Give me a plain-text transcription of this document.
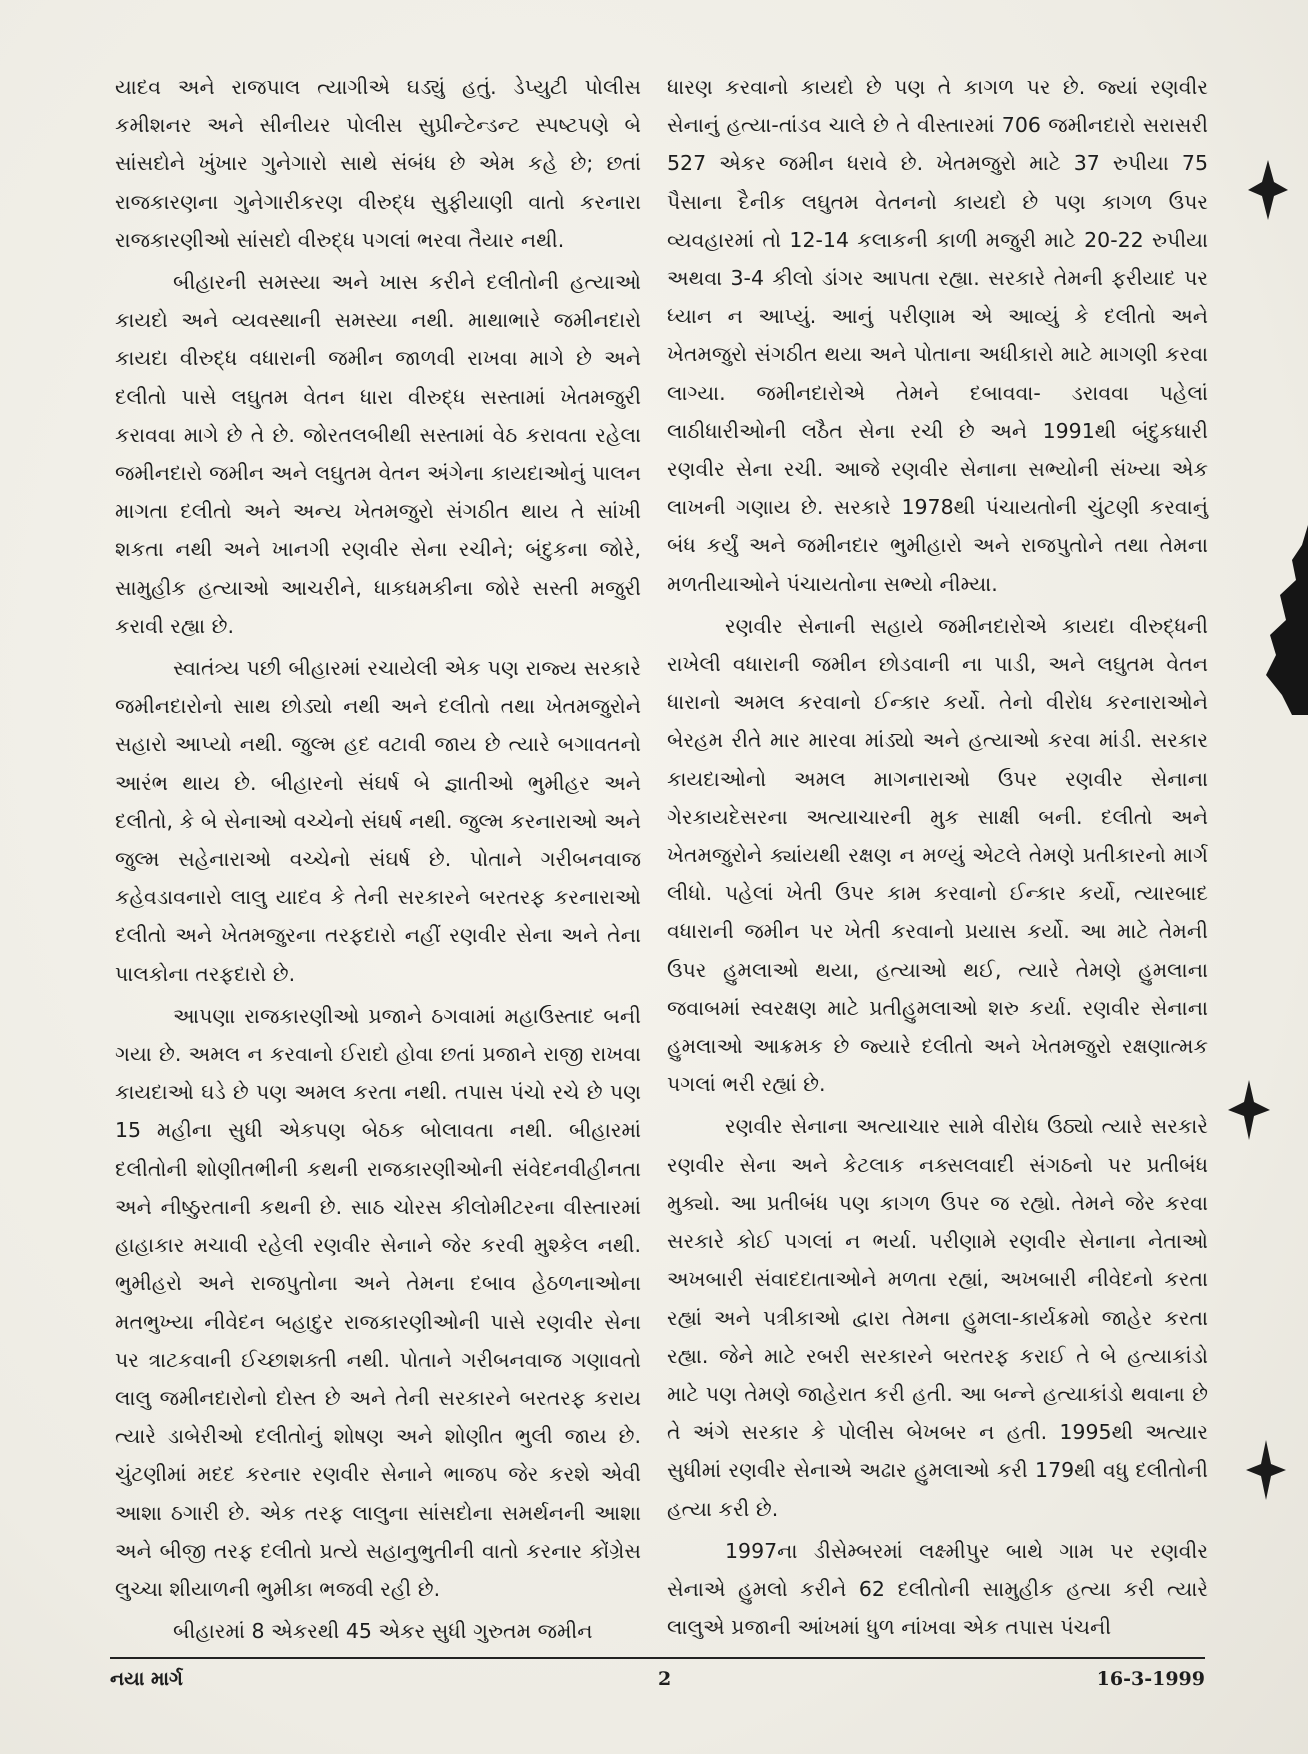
યાદવ અને રાજપાલ ત્યાગીએ ઘડ્યું હતું. ડેપ્યુટી પોલીસ કમીશનર અને સીનીયર પોલીસ સુપ્રીન્ટેન્ડન્ટ સ્પષ્ટપણે બે સાંસદોને ખુંખાર ગુનેગારો સાથે સંબંધ છે એમ કહે છે; છતાં રાજકારણના ગુનેગારીકરણ વીરુદ્ધ સુફીયાણી વાતો કરનારા રાજકારણીઓ સાંસદો વીરુદ્ધ પગલાં ભરવા તૈયાર નથી.

બીહારની સમસ્યા અને ખાસ કરીને દલીતોની હત્યાઓ કાયદો અને વ્યવસ્થાની સમસ્યા નથી. માથાભારે જમીનદારો કાયદા વીરુદ્ધ વધારાની જમીન જાળવી રાખવા માગે છે અને દલીતો પાસે લઘુતમ વેતન ધારા વીરુદ્ધ સસ્તામાં ખેતમજુરી કરાવવા માગે છે તે છે. જોરતલબીથી સસ્તામાં વેઠ કરાવતા રહેલા જમીનદારો જમીન અને લઘુતમ વેતન અંગેના કાયદાઓનું પાલન માગતા દલીતો અને અન્ય ખેતમજુરો સંગઠીત થાય તે સાંખી શકતા નથી અને ખાનગી રણવીર સેના રચીને; બંદુકના જોરે, સામુહીક હત્યાઓ આચરીને, ધાકધમકીના જોરે સસ્તી મજુરી કરાવી રહ્યા છે.

સ્વાતંત્ર્ય પછી બીહારમાં રચાયેલી એક પણ રાજ્ય સરકારે જમીનદારોનો સાથ છોડ્યો નથી અને દલીતો તથા ખેતમજુરોને સહારો આપ્યો નથી. જુલ્મ હદ વટાવી જાય છે ત્યારે બગાવતનો આરંભ થાય છે. બીહારનો સંઘર્ષ બે જ્ઞાતીઓ ભુમીહર અને દલીતો, કે બે સેનાઓ વચ્ચેનો સંઘર્ષ નથી. જુલ્મ કરનારાઓ અને જુલ્મ સહેનારાઓ વચ્ચેનો સંઘર્ષ છે. પોતાને ગરીબનવાજ કહેવડાવનારો લાલુ યાદવ કે તેની સરકારને બરતરફ કરનારાઓ દલીતો અને ખેતમજુરના તરફદારો નહીં રણવીર સેના અને તેના પાલકોના તરફદારો છે.

આપણા રાજકારણીઓ પ્રજાને ઠગવામાં મહાઉસ્તાદ બની ગયા છે. અમલ ન કરવાનો ઈરાદો હોવા છતાં પ્રજાને રાજી રાખવા કાયદાઓ ઘડે છે પણ અમલ કરતા નથી. તપાસ પંચો રચે છે પણ 15 મહીના સુધી એકપણ બેઠક બોલાવતા નથી. બીહારમાં દલીતોની શોણીતભીની કથની રાજકારણીઓની સંવેદનવીહીનતા અને નીષ્ઠુરતાની કથની છે. સાઠ ચોરસ કીલોમીટરના વીસ્તારમાં હાહાકાર મચાવી રહેલી રણવીર સેનાને જેર કરવી મુશ્કેલ નથી. ભુમીહરો અને રાજપુતોના અને તેમના દબાવ હેઠળનાઓના મતભુખ્યા નીવેદન બહાદુર રાજકારણીઓની પાસે રણવીર સેના પર ત્રાટકવાની ઈચ્છાશક્તી નથી. પોતાને ગરીબનવાજ ગણાવતો લાલુ જમીનદારોનો દોસ્ત છે અને તેની સરકારને બરતરફ કરાય ત્યારે ડાબેરીઓ દલીતોનું શોષણ અને શોણીત ભુલી જાય છે. ચુંટણીમાં મદદ કરનાર રણવીર સેનાને ભાજપ જેર કરશે એવી આશા ઠગારી છે. એક તરફ લાલુના સાંસદોના સમર્થનની આશા અને બીજી તરફ દલીતો પ્રત્યે સહાનુભુતીની વાતો કરનાર કોંગ્રેસ લુચ્ચા શીયાળની ભુમીકા ભજવી રહી છે.

બીહારમાં 8 એકરથી 45 એકર સુધી ગુરુતમ જમીન

ધારણ કરવાનો કાયદો છે પણ તે કાગળ પર છે. જ્યાં રણવીર સેનાનું હત્યા-તાંડવ ચાલે છે તે વીસ્તારમાં 706 જમીનદારો સરાસરી 527 એકર જમીન ધરાવે છે. ખેતમજુરો માટે 37 રુપીયા 75 પૈસાના દૈનીક લઘુતમ વેતનનો કાયદો છે પણ કાગળ ઉપર વ્યવહારમાં તો 12-14 કલાકની કાળી મજુરી માટે 20-22 રુપીયા અથવા 3-4 કીલો ડાંગર આપતા રહ્યા. સરકારે તેમની ફરીયાદ પર ધ્યાન ન આપ્યું. આનું પરીણામ એ આવ્યું કે દલીતો અને ખેતમજુરો સંગઠીત થયા અને પોતાના અધીકારો માટે માગણી કરવા લાગ્યા. જમીનદારોએ તેમને દબાવવા- ડરાવવા પહેલાં લાઠીધારીઓની લઠૈત સેના રચી છે અને 1991થી બંદુકધારી રણવીર સેના રચી. આજે રણવીર સેનાના સભ્યોની સંખ્યા એક લાખની ગણાય છે. સરકારે 1978થી પંચાયતોની ચુંટણી કરવાનું બંધ કર્યું અને જમીનદાર ભુમીહારો અને રાજપુતોને તથા તેમના મળતીયાઓને પંચાયતોના સભ્યો નીમ્યા.

રણવીર સેનાની સહાયે જમીનદારોએ કાયદા વીરુદ્ધની રાખેલી વધારાની જમીન છોડવાની ના પાડી, અને લઘુતમ વેતન ધારાનો અમલ કરવાનો ઈન્કાર કર્યો. તેનો વીરોધ કરનારાઓને બેરહમ રીતે માર મારવા માંડ્યો અને હત્યાઓ કરવા માંડી. સરકાર કાયદાઓનો અમલ માગનારાઓ ઉપર રણવીર સેનાના ગેરકાયદેસરના અત્યાચારની મુક સાક્ષી બની. દલીતો અને ખેતમજુરોને ક્યાંયથી રક્ષણ ન મળ્યું એટલે તેમણે પ્રતીકારનો માર્ગ લીધો. પહેલાં ખેતી ઉપર કામ કરવાનો ઈન્કાર કર્યો, ત્યારબાદ વધારાની જમીન પર ખેતી કરવાનો પ્રયાસ કર્યો. આ માટે તેમની ઉપર હુમલાઓ થયા, હત્યાઓ થઈ, ત્યારે તેમણે હુમલાના જવાબમાં સ્વરક્ષણ માટે પ્રતીહુમલાઓ શરુ કર્યા. રણવીર સેનાના હુમલાઓ આક્રમક છે જ્યારે દલીતો અને ખેતમજુરો રક્ષણાત્મક પગલાં ભરી રહ્યાં છે.

રણવીર સેનાના અત્યાચાર સામે વીરોધ ઉઠ્યો ત્યારે સરકારે રણવીર સેના અને કેટલાક નક્સલવાદી સંગઠનો પર પ્રતીબંધ મુક્યો. આ પ્રતીબંધ પણ કાગળ ઉપર જ રહ્યો. તેમને જેર કરવા સરકારે કોઈ પગલાં ન ભર્યા. પરીણામે રણવીર સેનાના નેતાઓ અખબારી સંવાદદાતાઓને મળતા રહ્યાં, અખબારી નીવેદનો કરતા રહ્યાં અને પત્રીકાઓ દ્વારા તેમના હુમલા-કાર્યક્રમો જાહેર કરતા રહ્યા. જેને માટે રબરી સરકારને બરતરફ કરાઈ તે બે હત્યાકાંડો માટે પણ તેમણે જાહેરાત કરી હતી. આ બન્ને હત્યાકાંડો થવાના છે તે અંગે સરકાર કે પોલીસ બેખબર ન હતી. 1995થી અત્યાર સુધીમાં રણવીર સેનાએ અઢાર હુમલાઓ કરી 179થી વધુ દલીતોની હત્યા કરી છે.

1997ના ડીસેમ્બરમાં લક્ષ્મીપુર બાથે ગામ પર રણવીર સેનાએ હુમલો કરીને 62 દલીતોની સામુહીક હત્યા કરી ત્યારે લાલુએ પ્રજાની આંખમાં ધુળ નાંખવા એક તપાસ પંચની

નયા માર્ગ	2	16-3-1999
